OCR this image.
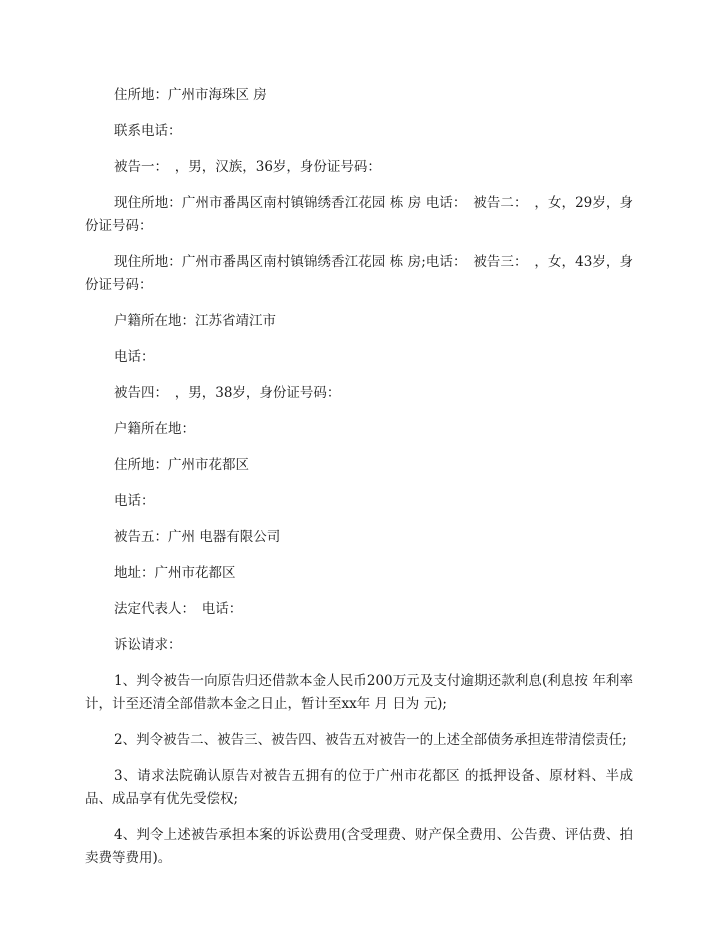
住所地：广州市海珠区 房

联系电话：

被告一：　，男，汉族，36岁，身份证号码：

现住所地：广州市番禺区南村镇锦绣香江花园 栋 房 电话：　被告二：　，女，29岁，身份证号码：

现住所地：广州市番禺区南村镇锦绣香江花园 栋 房;电话：　被告三：　，女，43岁，身份证号码：

户籍所在地：江苏省靖江市

电话：

被告四：　，男，38岁，身份证号码：

户籍所在地：

住所地：广州市花都区

电话：

被告五：广州 电器有限公司

地址：广州市花都区

法定代表人：　电话：

诉讼请求：

1、判令被告一向原告归还借款本金人民币200万元及支付逾期还款利息(利息按 年利率 计，计至还清全部借款本金之日止，暂计至xx年 月 日为 元);

2、判令被告二、被告三、被告四、被告五对被告一的上述全部债务承担连带清偿责任;

3、请求法院确认原告对被告五拥有的位于广州市花都区 的抵押设备、原材料、半成品、成品享有优先受偿权;

4、判令上述被告承担本案的诉讼费用(含受理费、财产保全费用、公告费、评估费、拍卖费等费用)。
